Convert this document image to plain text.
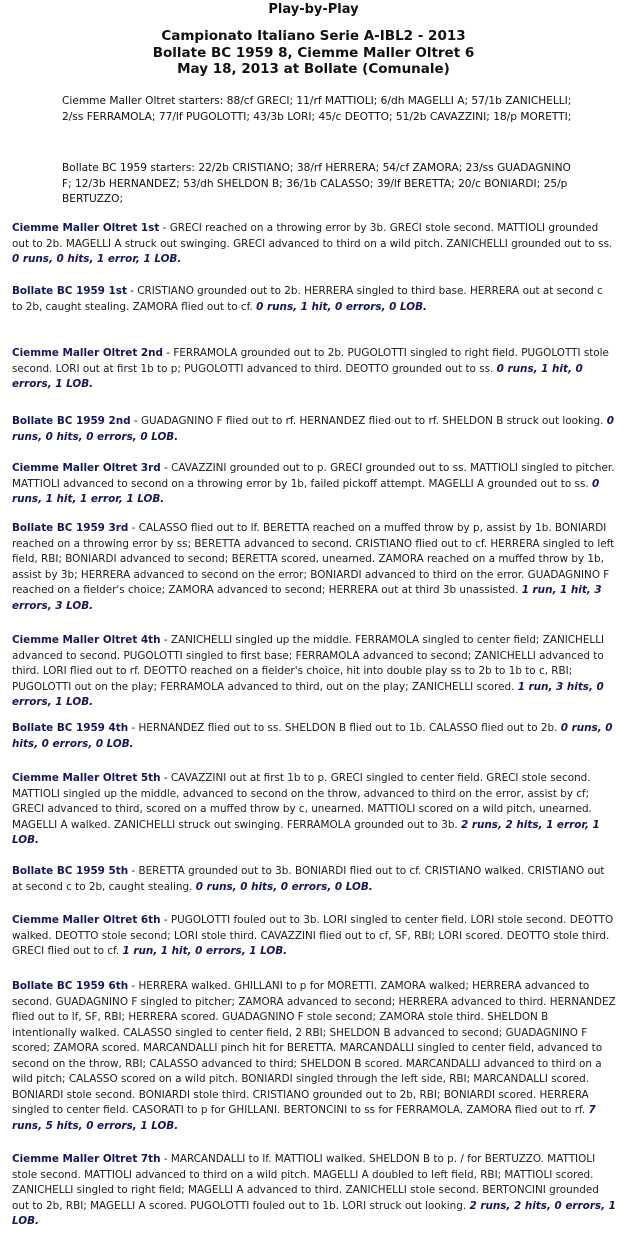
Play-by-Play
Campionato Italiano Serie A-IBL2 - 2013
Bollate BC 1959 8, Ciemme Maller Oltret 6
May 18, 2013 at Bollate (Comunale)
Ciemme Maller Oltret starters: 88/cf GRECI; 11/rf MATTIOLI; 6/dh MAGELLI A; 57/1b ZANICHELLI; 2/ss FERRAMOLA; 77/lf PUGOLOTTI; 43/3b LORI; 45/c DEOTTO; 51/2b CAVAZZINI; 18/p MORETTI;
Bollate BC 1959 starters: 22/2b CRISTIANO; 38/rf HERRERA; 54/cf ZAMORA; 23/ss GUADAGNINO F; 12/3b HERNANDEZ; 53/dh SHELDON B; 36/1b CALASSO; 39/lf BERETTA; 20/c BONIARDI; 25/p BERTUZZO;
Ciemme Maller Oltret 1st - GRECI reached on a throwing error by 3b. GRECI stole second. MATTIOLI grounded out to 2b. MAGELLI A struck out swinging. GRECI advanced to third on a wild pitch. ZANICHELLI grounded out to ss. 0 runs, 0 hits, 1 error, 1 LOB.
Bollate BC 1959 1st - CRISTIANO grounded out to 2b. HERRERA singled to third base. HERRERA out at second c to 2b, caught stealing. ZAMORA flied out to cf. 0 runs, 1 hit, 0 errors, 0 LOB.
Ciemme Maller Oltret 2nd - FERRAMOLA grounded out to 2b. PUGOLOTTI singled to right field. PUGOLOTTI stole second. LORI out at first 1b to p; PUGOLOTTI advanced to third. DEOTTO grounded out to ss. 0 runs, 1 hit, 0 errors, 1 LOB.
Bollate BC 1959 2nd - GUADAGNINO F flied out to rf. HERNANDEZ flied out to rf. SHELDON B struck out looking. 0 runs, 0 hits, 0 errors, 0 LOB.
Ciemme Maller Oltret 3rd - CAVAZZINI grounded out to p. GRECI grounded out to ss. MATTIOLI singled to pitcher. MATTIOLI advanced to second on a throwing error by 1b, failed pickoff attempt. MAGELLI A grounded out to ss. 0 runs, 1 hit, 1 error, 1 LOB.
Bollate BC 1959 3rd - CALASSO flied out to lf. BERETTA reached on a muffed throw by p, assist by 1b. BONIARDI reached on a throwing error by ss; BERETTA advanced to second. CRISTIANO flied out to cf. HERRERA singled to left field, RBI; BONIARDI advanced to second; BERETTA scored, unearned. ZAMORA reached on a muffed throw by 1b, assist by 3b; HERRERA advanced to second on the error; BONIARDI advanced to third on the error. GUADAGNINO F reached on a fielder's choice; ZAMORA advanced to second; HERRERA out at third 3b unassisted. 1 run, 1 hit, 3 errors, 3 LOB.
Ciemme Maller Oltret 4th - ZANICHELLI singled up the middle. FERRAMOLA singled to center field; ZANICHELLI advanced to second. PUGOLOTTI singled to first base; FERRAMOLA advanced to second; ZANICHELLI advanced to third. LORI flied out to rf. DEOTTO reached on a fielder's choice, hit into double play ss to 2b to 1b to c, RBI; PUGOLOTTI out on the play; FERRAMOLA advanced to third, out on the play; ZANICHELLI scored. 1 run, 3 hits, 0 errors, 1 LOB.
Bollate BC 1959 4th - HERNANDEZ flied out to ss. SHELDON B flied out to 1b. CALASSO flied out to 2b. 0 runs, 0 hits, 0 errors, 0 LOB.
Ciemme Maller Oltret 5th - CAVAZZINI out at first 1b to p. GRECI singled to center field. GRECI stole second. MATTIOLI singled up the middle, advanced to second on the throw, advanced to third on the error, assist by cf; GRECI advanced to third, scored on a muffed throw by c, unearned. MATTIOLI scored on a wild pitch, unearned. MAGELLI A walked. ZANICHELLI struck out swinging. FERRAMOLA grounded out to 3b. 2 runs, 2 hits, 1 error, 1 LOB.
Bollate BC 1959 5th - BERETTA grounded out to 3b. BONIARDI flied out to cf. CRISTIANO walked. CRISTIANO out at second c to 2b, caught stealing. 0 runs, 0 hits, 0 errors, 0 LOB.
Ciemme Maller Oltret 6th - PUGOLOTTI fouled out to 3b. LORI singled to center field. LORI stole second. DEOTTO walked. DEOTTO stole second; LORI stole third. CAVAZZINI flied out to cf, SF, RBI; LORI scored. DEOTTO stole third. GRECI flied out to cf. 1 run, 1 hit, 0 errors, 1 LOB.
Bollate BC 1959 6th - HERRERA walked. GHILLANI to p for MORETTI. ZAMORA walked; HERRERA advanced to second. GUADAGNINO F singled to pitcher; ZAMORA advanced to second; HERRERA advanced to third. HERNANDEZ flied out to lf, SF, RBI; HERRERA scored. GUADAGNINO F stole second; ZAMORA stole third. SHELDON B intentionally walked. CALASSO singled to center field, 2 RBI; SHELDON B advanced to second; GUADAGNINO F scored; ZAMORA scored. MARCANDALLI pinch hit for BERETTA. MARCANDALLI singled to center field, advanced to second on the throw, RBI; CALASSO advanced to third; SHELDON B scored. MARCANDALLI advanced to third on a wild pitch; CALASSO scored on a wild pitch. BONIARDI singled through the left side, RBI; MARCANDALLI scored. BONIARDI stole second. BONIARDI stole third. CRISTIANO grounded out to 2b, RBI; BONIARDI scored. HERRERA singled to center field. CASORATI to p for GHILLANI. BERTONCINI to ss for FERRAMOLA. ZAMORA flied out to rf. 7 runs, 5 hits, 0 errors, 1 LOB.
Ciemme Maller Oltret 7th - MARCANDALLI to lf. MATTIOLI walked. SHELDON B to p. / for BERTUZZO. MATTIOLI stole second. MATTIOLI advanced to third on a wild pitch. MAGELLI A doubled to left field, RBI; MATTIOLI scored. ZANICHELLI singled to right field; MAGELLI A advanced to third. ZANICHELLI stole second. BERTONCINI grounded out to 2b, RBI; MAGELLI A scored. PUGOLOTTI fouled out to 1b. LORI struck out looking. 2 runs, 2 hits, 0 errors, 1 LOB.
